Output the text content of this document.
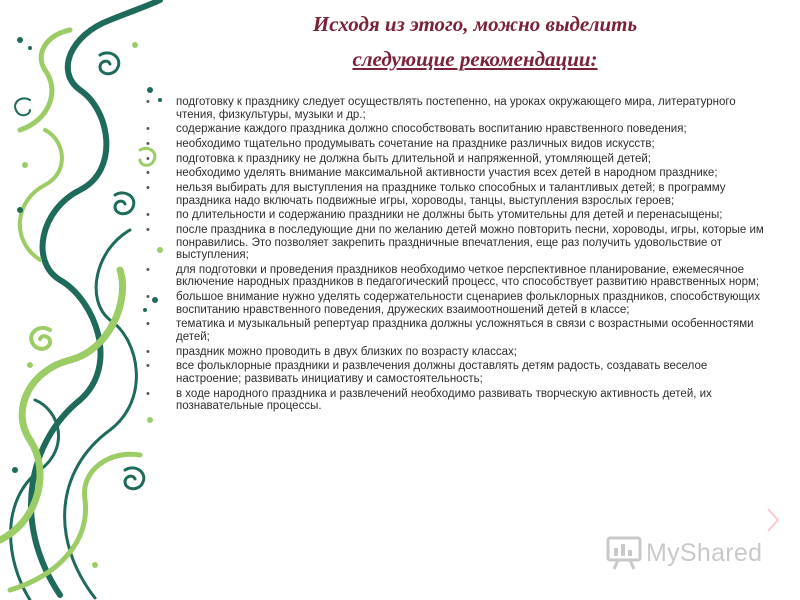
Исходя из этого, можно выделить
следующие рекомендации:
• подготовку к празднику следует осуществлять постепенно, на уроках окружающего мира, литературного чтения, физкультуры, музыки и др.;
• содержание каждого праздника должно способствовать воспитанию нравственного поведения;
• необходимо тщательно продумывать сочетание на празднике различных видов искусств;
• подготовка к празднику не должна быть длительной и напряженной, утомляющей детей;
• необходимо уделять внимание максимальной активности участия всех детей в народном празднике;
• нельзя выбирать для выступления на празднике только способных и талантливых детей; в программу праздника надо включать подвижные игры, хороводы, танцы, выступления взрослых героев;
• по длительности и содержанию праздники не должны быть утомительны для детей и перенасыщены;
• после праздника в последующие дни по желанию детей можно повторить песни, хороводы, игры, которые им понравились. Это позволяет закрепить праздничные впечатления, еще раз получить удовольствие от выступления;
• для подготовки и проведения праздников необходимо четкое перспективное планирование, ежемесячное включение народных праздников в педагогический процесс, что способствует развитию нравственных норм;
• большое внимание нужно уделять содержательности сценариев фольклорных праздников, способствующих воспитанию нравственного поведения, дружеских взаимоотношений детей в классе;
• тематика и музыкальный репертуар праздника должны усложняться в связи с возрастными особенностями детей;
• праздник можно проводить в двух близких по возрасту классах;
• все фольклорные праздники и развлечения должны доставлять детям радость, создавать веселое настроение; развивать инициативу и самостоятельность;
• в ходе народного праздника и развлечений необходимо развивать творческую активность детей, их познавательные процессы.
MyShared
